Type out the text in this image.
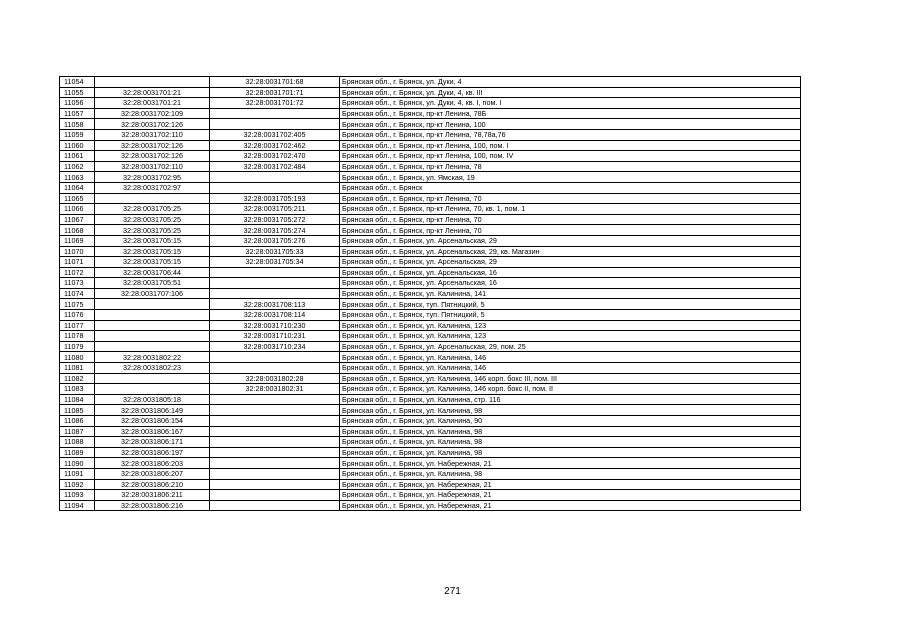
11054		32:28:0031701:68	Брянская обл., г. Брянск, ул. Дуки, 4
11055	32:28:0031701:21	32:28:0031701:71	Брянская обл., г. Брянск, ул. Дуки, 4, кв. III
11056	32:28:0031701:21	32:28:0031701:72	Брянская обл., г. Брянск, ул. Дуки, 4, кв. I, пом. I
11057	32:28:0031702:109		Брянская обл., г. Брянск, пр-кт Ленина, 78Б
11058	32:28:0031702:126		Брянская обл., г. Брянск, пр-кт Ленина, 100
11059	32:28:0031702:110	32:28:0031702:405	Брянская обл., г. Брянск, пр-кт Ленина, 78,78а,76
11060	32:28:0031702:126	32:28:0031702:462	Брянская обл., г. Брянск, пр-кт Ленина, 100, пом. I
11061	32:28:0031702:126	32:28:0031702:470	Брянская обл., г. Брянск, пр-кт Ленина, 100, пом. IV
11062	32:28:0031702:110	32:28:0031702:484	Брянская обл., г. Брянск, пр-кт Ленина, 78
11063	32:28:0031702:95		Брянская обл., г. Брянск, ул. Ямская, 19
11064	32:28:0031702:97		Брянская обл., г. Брянск
11065		32:28:0031705:193	Брянская обл., г. Брянск, пр-кт Ленина, 70
11066	32:28:0031705:25	32:28:0031705:211	Брянская обл., г. Брянск, пр-кт Ленина, 70, кв. 1, пом. 1
11067	32:28:0031705:25	32:28:0031705:272	Брянская обл., г. Брянск, пр-кт Ленина, 70
11068	32:28:0031705:25	32:28:0031705:274	Брянская обл., г. Брянск, пр-кт Ленина, 70
11069	32:28:0031705:15	32:28:0031705:276	Брянская обл., г. Брянск, ул. Арсенальская, 29
11070	32:28:0031705:15	32:28:0031705:33	Брянская обл., г. Брянск, ул. Арсенальская, 29, кв. Магазин
11071	32:28:0031705:15	32:28:0031705:34	Брянская обл., г. Брянск, ул. Арсенальская, 29
11072	32:28:0031706:44		Брянская обл., г. Брянск, ул. Арсенальская, 16
11073	32:28:0031705:51		Брянская обл., г. Брянск, ул. Арсенальская, 16
11074	32:28:0031707:106		Брянская обл., г. Брянск, ул. Калинина, 141
11075		32:28:0031708:113	Брянская обл., г. Брянск, туп. Пятницкий, 5
11076		32:28:0031708:114	Брянская обл., г. Брянск, туп. Пятницкий, 5
11077		32:28:0031710:230	Брянская обл., г. Брянск, ул. Калинина, 123
11078		32:28:0031710:231	Брянская обл., г. Брянск, ул. Калинина, 123
11079		32:28:0031710:234	Брянская обл., г. Брянск, ул. Арсенальская, 29, пом. 25
11080	32:28:0031802:22		Брянская обл., г. Брянск, ул. Калинина, 146
11081	32:28:0031802:23		Брянская обл., г. Брянск, ул. Калинина, 146
11082		32:28:0031802:28	Брянская обл., г. Брянск, ул. Калинина, 146 корп. бокс III, пом. III
11083		32:28:0031802:31	Брянская обл., г. Брянск, ул. Калинина, 146 корп. бокс II, пом. II
11084	32:28:0031805:18		Брянская обл., г. Брянск, ул. Калинина, стр. 116
11085	32:28:0031806:149		Брянская обл., г. Брянск, ул. Калинина, 98
11086	32:28:0031806:154		Брянская обл., г. Брянск, ул. Калинина, 90
11087	32:28:0031806:167		Брянская обл., г. Брянск, ул. Калинина, 98
11088	32:28:0031806:171		Брянская обл., г. Брянск, ул. Калинина, 98
11089	32:28:0031806:197		Брянская обл., г. Брянск, ул. Калинина, 98
11090	32:28:0031806:203		Брянская обл., г. Брянск, ул. Набережная, 21
11091	32:28:0031806:207		Брянская обл., г. Брянск, ул. Калинина, 98
11092	32:28:0031806:210		Брянская обл., г. Брянск, ул. Набережная, 21
11093	32:28:0031806:211		Брянская обл., г. Брянск, ул. Набережная, 21
11094	32:28:0031806:216		Брянская обл., г. Брянск, ул. Набережная, 21
271
